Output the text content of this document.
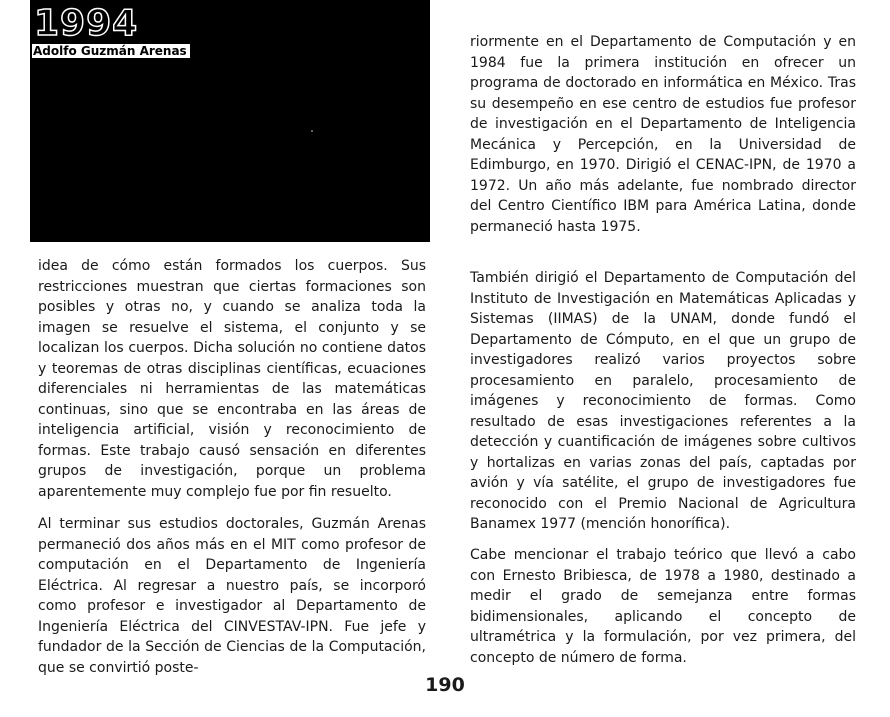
1994
Adolfo Guzmán Arenas

idea de cómo están formados los cuerpos. Sus restricciones muestran que ciertas formaciones son posibles y otras no, y cuando se analiza toda la imagen se resuelve el sistema, el conjunto y se localizan los cuerpos. Dicha solución no contiene datos y teoremas de otras disciplinas científicas, ecuaciones diferenciales ni herramientas de las matemáticas continuas, sino que se encontraba en las áreas de inteligencia artificial, visión y reconocimiento de formas. Este trabajo causó sensación en diferentes grupos de investigación, porque un problema aparentemente muy complejo fue por fin resuelto.

Al terminar sus estudios doctorales, Guzmán Arenas permaneció dos años más en el MIT como profesor de computación en el Departamento de Ingeniería Eléctrica. Al regresar a nuestro país, se incorporó como profesor e investigador al Departamento de Ingeniería Eléctrica del CINVESTAV-IPN. Fue jefe y fundador de la Sección de Ciencias de la Computación, que se convirtió poste-

riormente en el Departamento de Computación y en 1984 fue la primera institución en ofrecer un programa de doctorado en informática en México. Tras su desempeño en ese centro de estudios fue profesor de investigación en el Departamento de Inteligencia Mecánica y Percepción, en la Universidad de Edimburgo, en 1970. Dirigió el CENAC-IPN, de 1970 a 1972. Un año más adelante, fue nombrado director del Centro Científico IBM para América Latina, donde permaneció hasta 1975.

También dirigió el Departamento de Computación del Instituto de Investigación en Matemáticas Aplicadas y Sistemas (IIMAS) de la UNAM, donde fundó el Departamento de Cómputo, en el que un grupo de investigadores realizó varios proyectos sobre procesamiento en paralelo, procesamiento de imágenes y reconocimiento de formas. Como resultado de esas investigaciones referentes a la detección y cuantificación de imágenes sobre cultivos y hortalizas en varias zonas del país, captadas por avión y vía satélite, el grupo de investigadores fue reconocido con el Premio Nacional de Agricultura Banamex 1977 (mención honorífica).

Cabe mencionar el trabajo teórico que llevó a cabo con Ernesto Bribiesca, de 1978 a 1980, destinado a medir el grado de semejanza entre formas bidimensionales, aplicando el concepto de ultramétrica y la formulación, por vez primera, del concepto de número de forma.

190
